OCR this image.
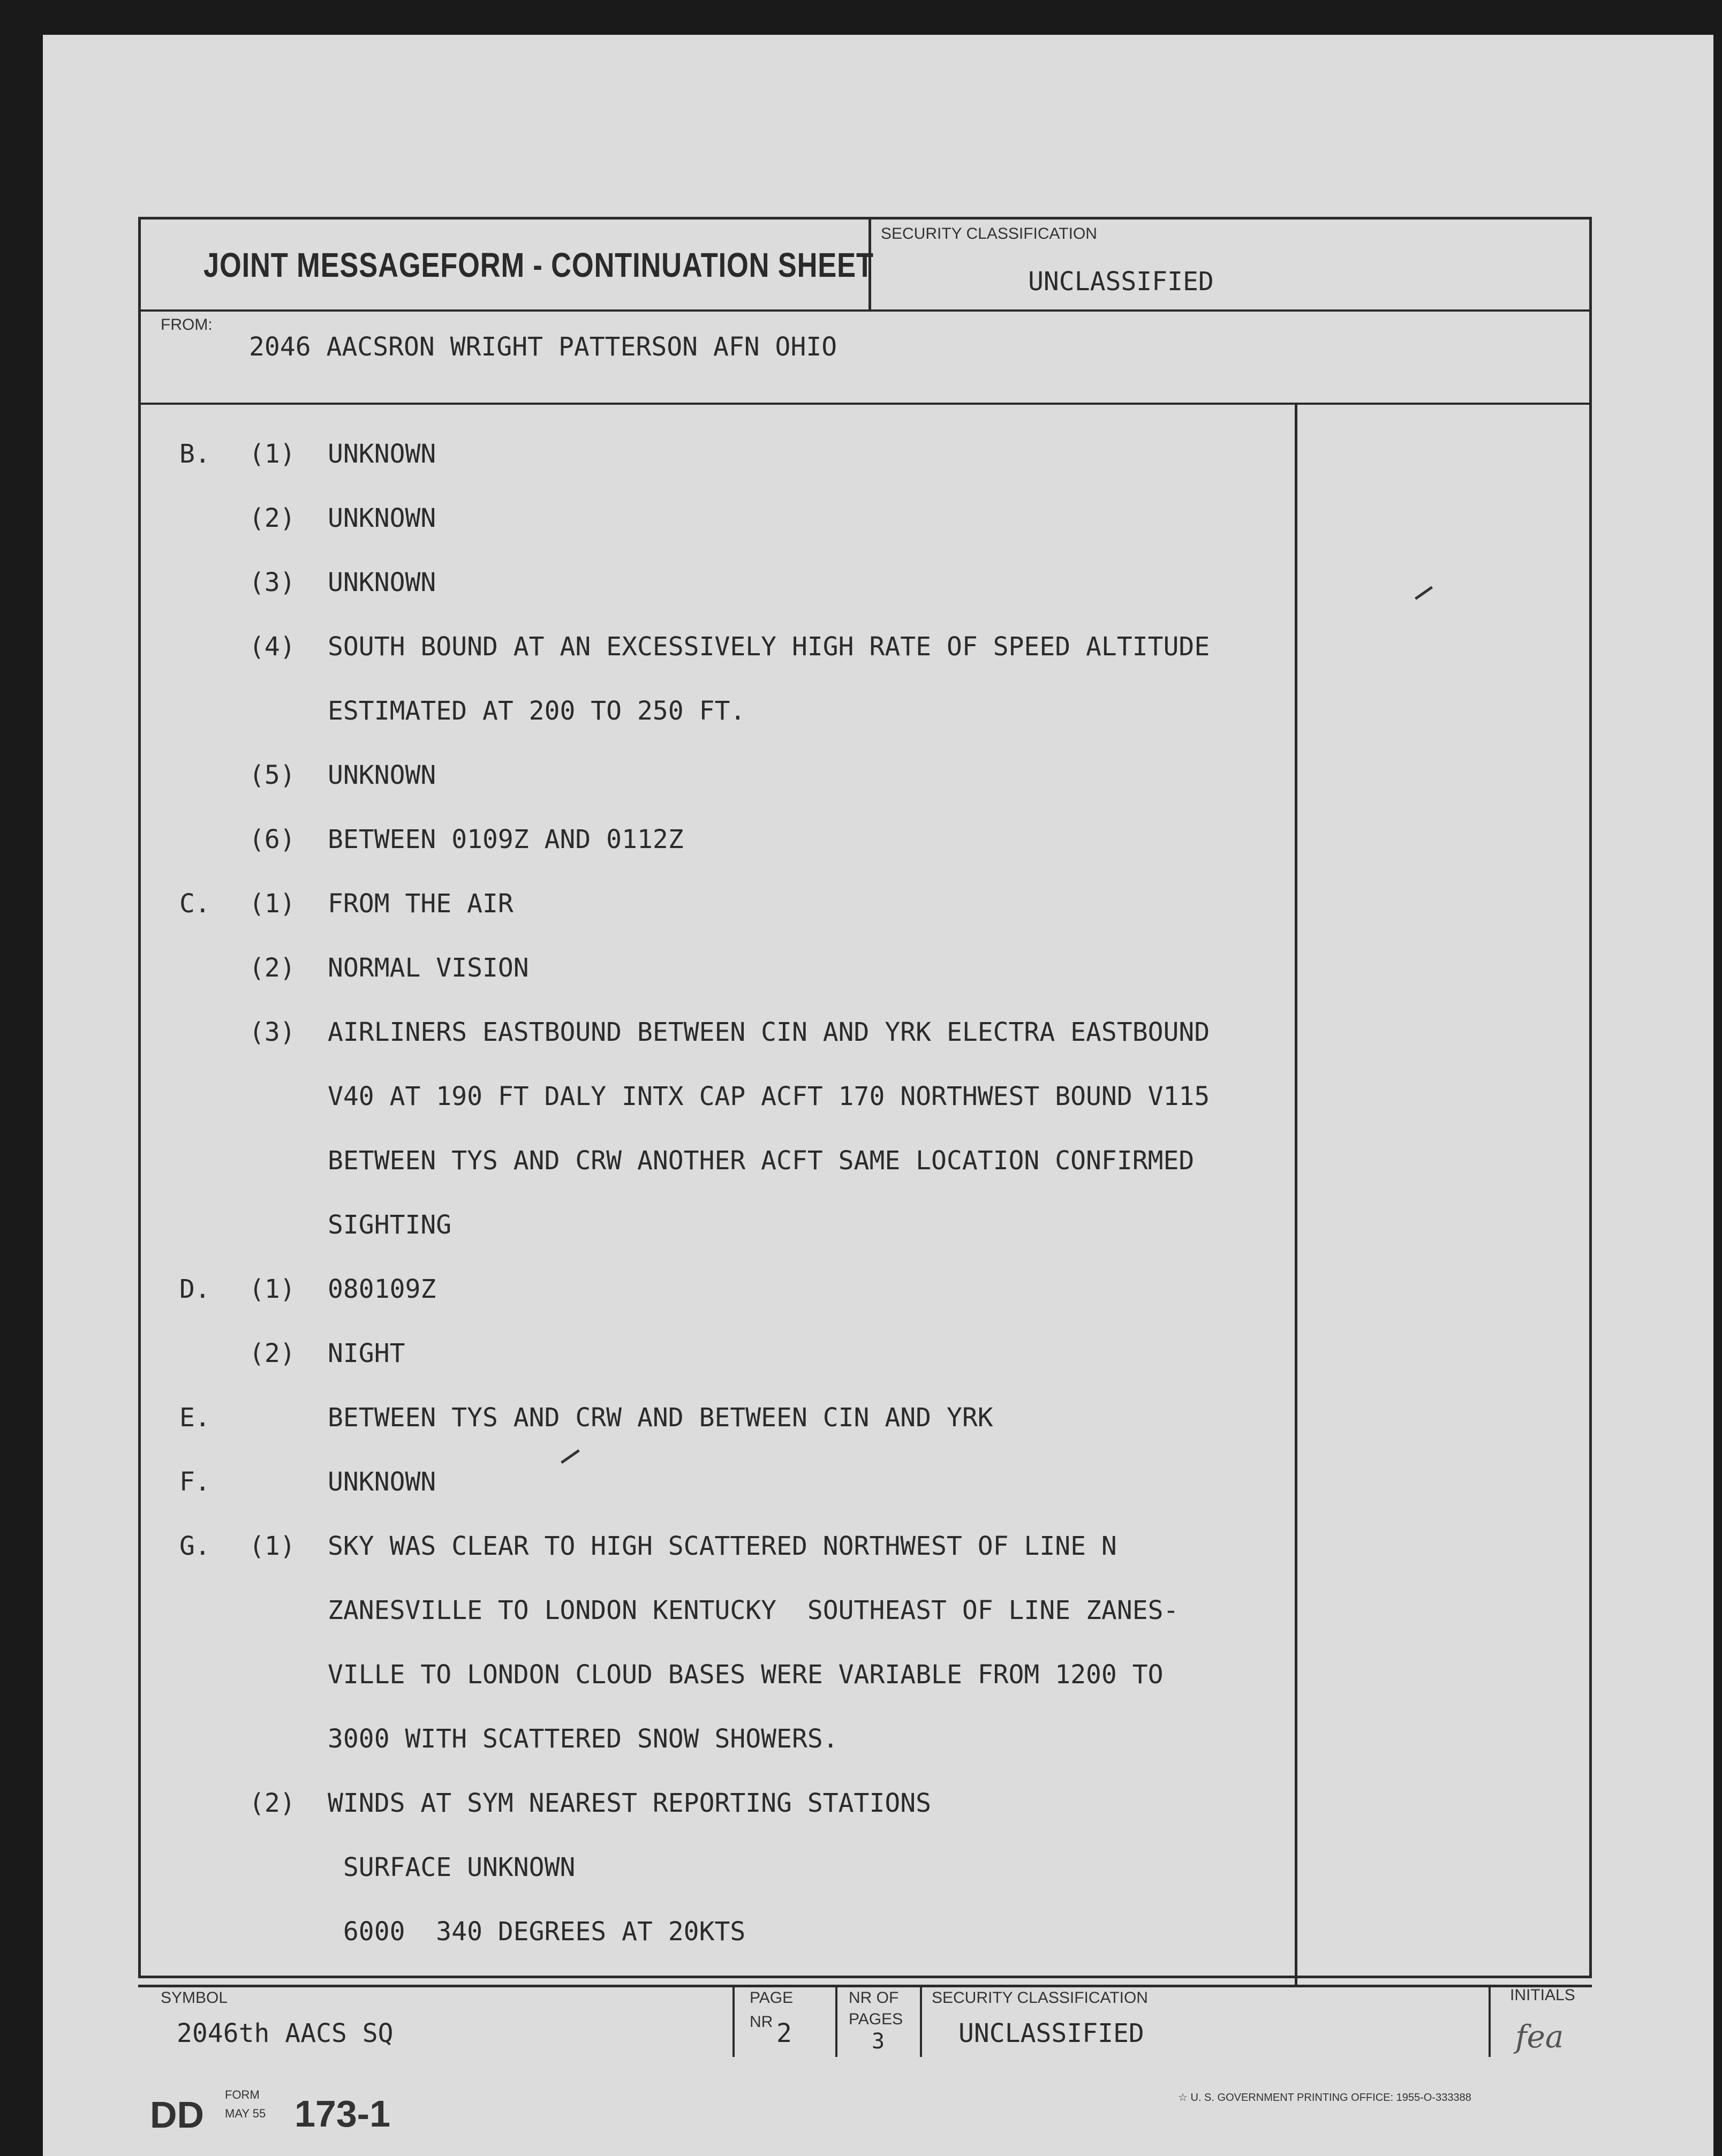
JOINT MESSAGEFORM - CONTINUATION SHEET
SECURITY CLASSIFICATION
UNCLASSIFIED
FROM:
2046 AACSRON WRIGHT PATTERSON AFN OHIO
B. (1) UNKNOWN
(2) UNKNOWN
(3) UNKNOWN
(4) SOUTH BOUND AT AN EXCESSIVELY HIGH RATE OF SPEED ALTITUDE
ESTIMATED AT 200 TO 250 FT.
(5) UNKNOWN
(6) BETWEEN 0109Z AND 0112Z
C. (1) FROM THE AIR
(2) NORMAL VISION
(3) AIRLINERS EASTBOUND BETWEEN CIN AND YRK ELECTRA EASTBOUND
V40 AT 190 FT DALY INTX CAP ACFT 170 NORTHWEST BOUND V115
BETWEEN TYS AND CRW ANOTHER ACFT SAME LOCATION CONFIRMED
SIGHTING
D. (1) 080109Z
(2) NIGHT
E.	BETWEEN TYS AND CRW AND BETWEEN CIN AND YRK
F.	UNKNOWN
G. (1) SKY WAS CLEAR TO HIGH SCATTERED NORTHWEST OF LINE N
ZANESVILLE TO LONDON KENTUCKY  SOUTHEAST OF LINE ZANES-
VILLE TO LONDON CLOUD BASES WERE VARIABLE FROM 1200 TO
3000 WITH SCATTERED SNOW SHOWERS.
(2) WINDS AT SYM NEAREST REPORTING STATIONS
SURFACE UNKNOWN
6000  340 DEGREES AT 20KTS
SYMBOL
2046th AACS SQ
PAGE
NR 2
NR OF
PAGES
3
SECURITY CLASSIFICATION
UNCLASSIFIED
INITIALS
fea
DD FORM
MAY 55 173-1	☆ U. S. GOVERNMENT PRINTING OFFICE: 1955-O-333388
